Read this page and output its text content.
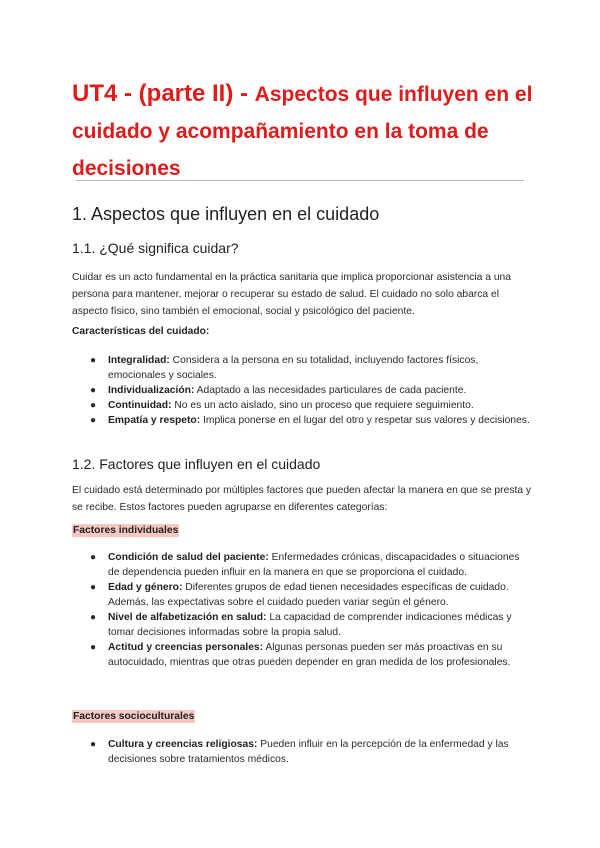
UT4 - (parte II) - Aspectos que influyen en el cuidado y acompañamiento en la toma de decisiones
1. Aspectos que influyen en el cuidado
1.1. ¿Qué significa cuidar?

Cuidar es un acto fundamental en la práctica sanitaria que implica proporcionar asistencia a una persona para mantener, mejorar o recuperar su estado de salud. El cuidado no solo abarca el aspecto físico, sino también el emocional, social y psicológico del paciente.

Características del cuidado:

● Integralidad: Considera a la persona en su totalidad, incluyendo factores físicos, emocionales y sociales.
● Individualización: Adaptado a las necesidades particulares de cada paciente.
● Continuidad: No es un acto aislado, sino un proceso que requiere seguimiento.
● Empatía y respeto: Implica ponerse en el lugar del otro y respetar sus valores y decisiones.
1.2. Factores que influyen en el cuidado

El cuidado está determinado por múltiples factores que pueden afectar la manera en que se presta y se recibe. Estos factores pueden agruparse en diferentes categorías:

Factores individuales

● Condición de salud del paciente: Enfermedades crónicas, discapacidades o situaciones de dependencia pueden influir en la manera en que se proporciona el cuidado.
● Edad y género: Diferentes grupos de edad tienen necesidades específicas de cuidado. Además, las expectativas sobre el cuidado pueden variar según el género.
● Nivel de alfabetización en salud: La capacidad de comprender indicaciones médicas y tomar decisiones informadas sobre la propia salud.
● Actitud y creencias personales: Algunas personas pueden ser más proactivas en su autocuidado, mientras que otras pueden depender en gran medida de los profesionales.

Factores socioculturales

● Cultura y creencias religiosas: Pueden influir en la percepción de la enfermedad y las decisiones sobre tratamientos médicos.
